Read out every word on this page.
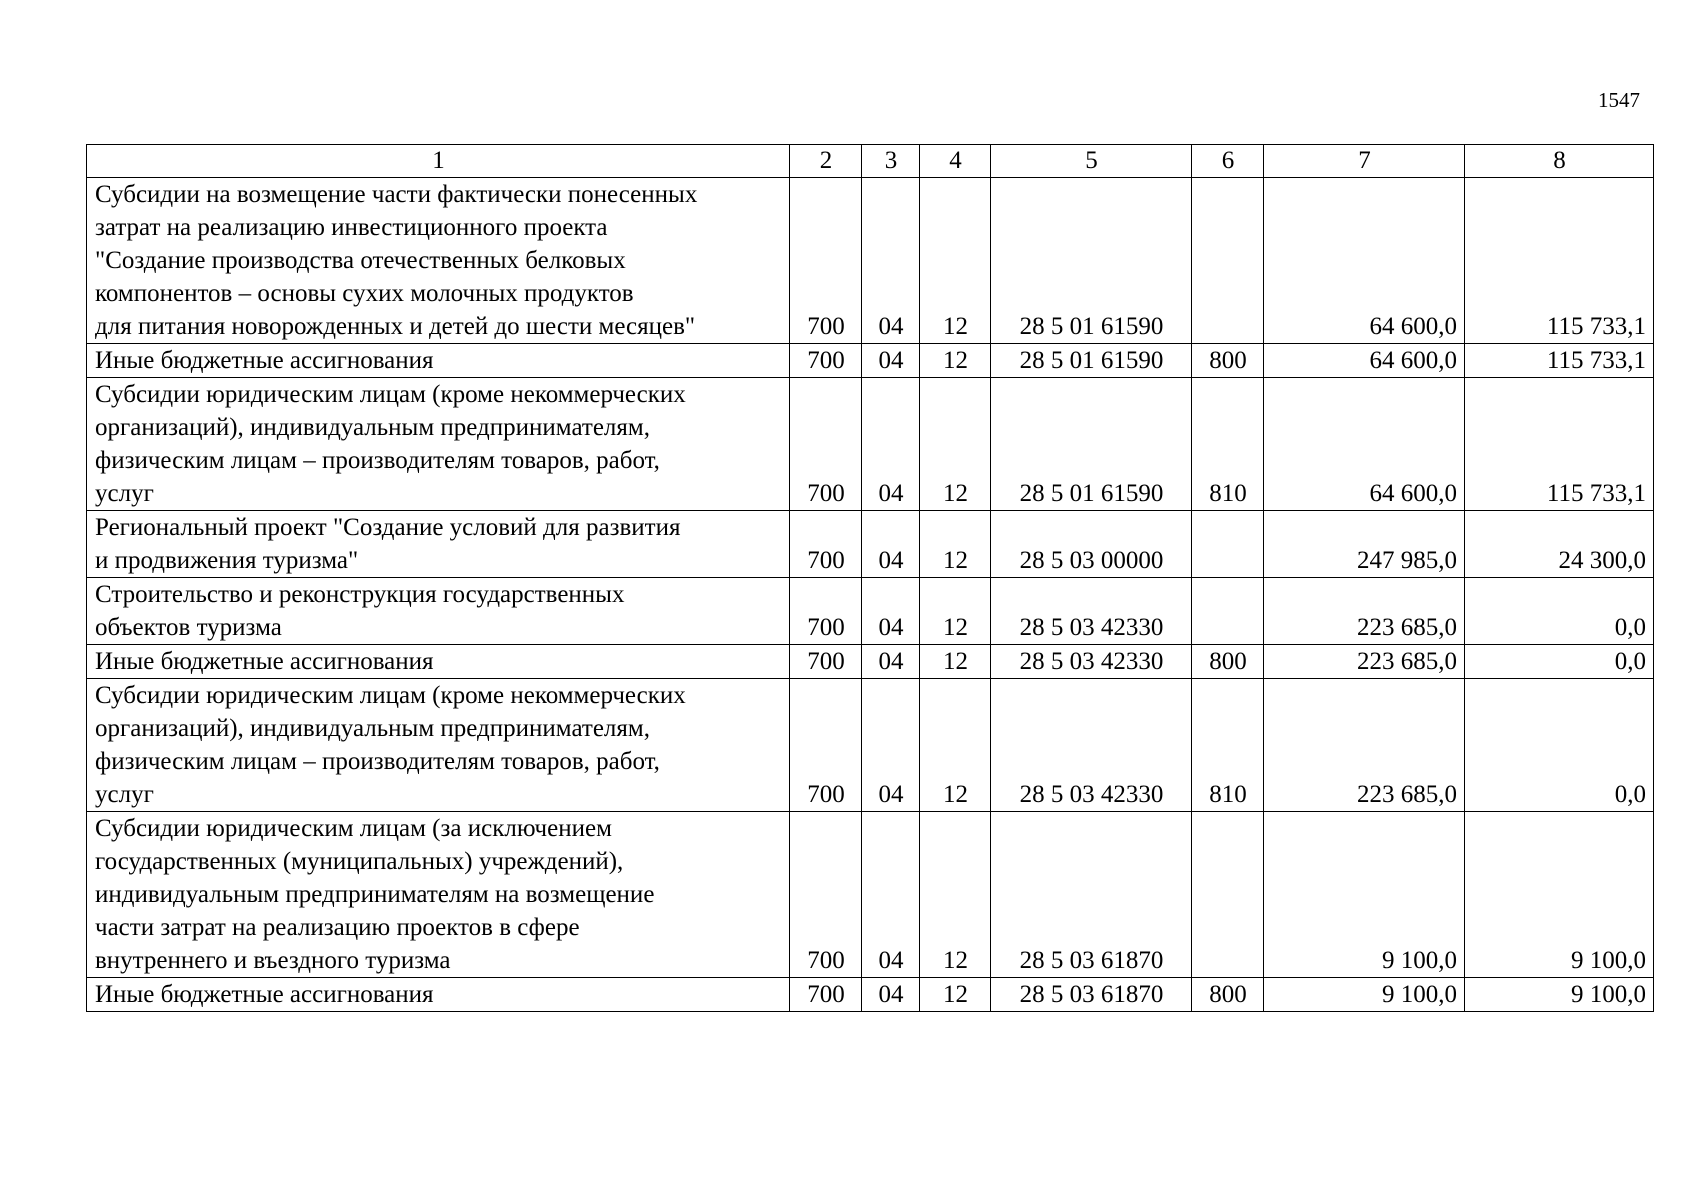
1547
1	2	3	4	5	6	7	8
Субсидии на возмещение части фактически понесенных
затрат на реализацию инвестиционного проекта
"Создание производства отечественных белковых
компонентов – основы сухих молочных продуктов
для питания новорожденных и детей до шести месяцев"	700	04	12	28 5 01 61590		64 600,0	115 733,1
Иные бюджетные ассигнования	700	04	12	28 5 01 61590	800	64 600,0	115 733,1
Субсидии юридическим лицам (кроме некоммерческих
организаций), индивидуальным предпринимателям,
физическим лицам – производителям товаров, работ,
услуг	700	04	12	28 5 01 61590	810	64 600,0	115 733,1
Региональный проект "Создание условий для развития
и продвижения туризма"	700	04	12	28 5 03 00000		247 985,0	24 300,0
Строительство и реконструкция государственных
объектов туризма	700	04	12	28 5 03 42330		223 685,0	0,0
Иные бюджетные ассигнования	700	04	12	28 5 03 42330	800	223 685,0	0,0
Субсидии юридическим лицам (кроме некоммерческих
организаций), индивидуальным предпринимателям,
физическим лицам – производителям товаров, работ,
услуг	700	04	12	28 5 03 42330	810	223 685,0	0,0
Субсидии юридическим лицам (за исключением
государственных (муниципальных) учреждений),
индивидуальным предпринимателям на возмещение
части затрат на реализацию проектов в сфере
внутреннего и въездного туризма	700	04	12	28 5 03 61870		9 100,0	9 100,0
Иные бюджетные ассигнования	700	04	12	28 5 03 61870	800	9 100,0	9 100,0
